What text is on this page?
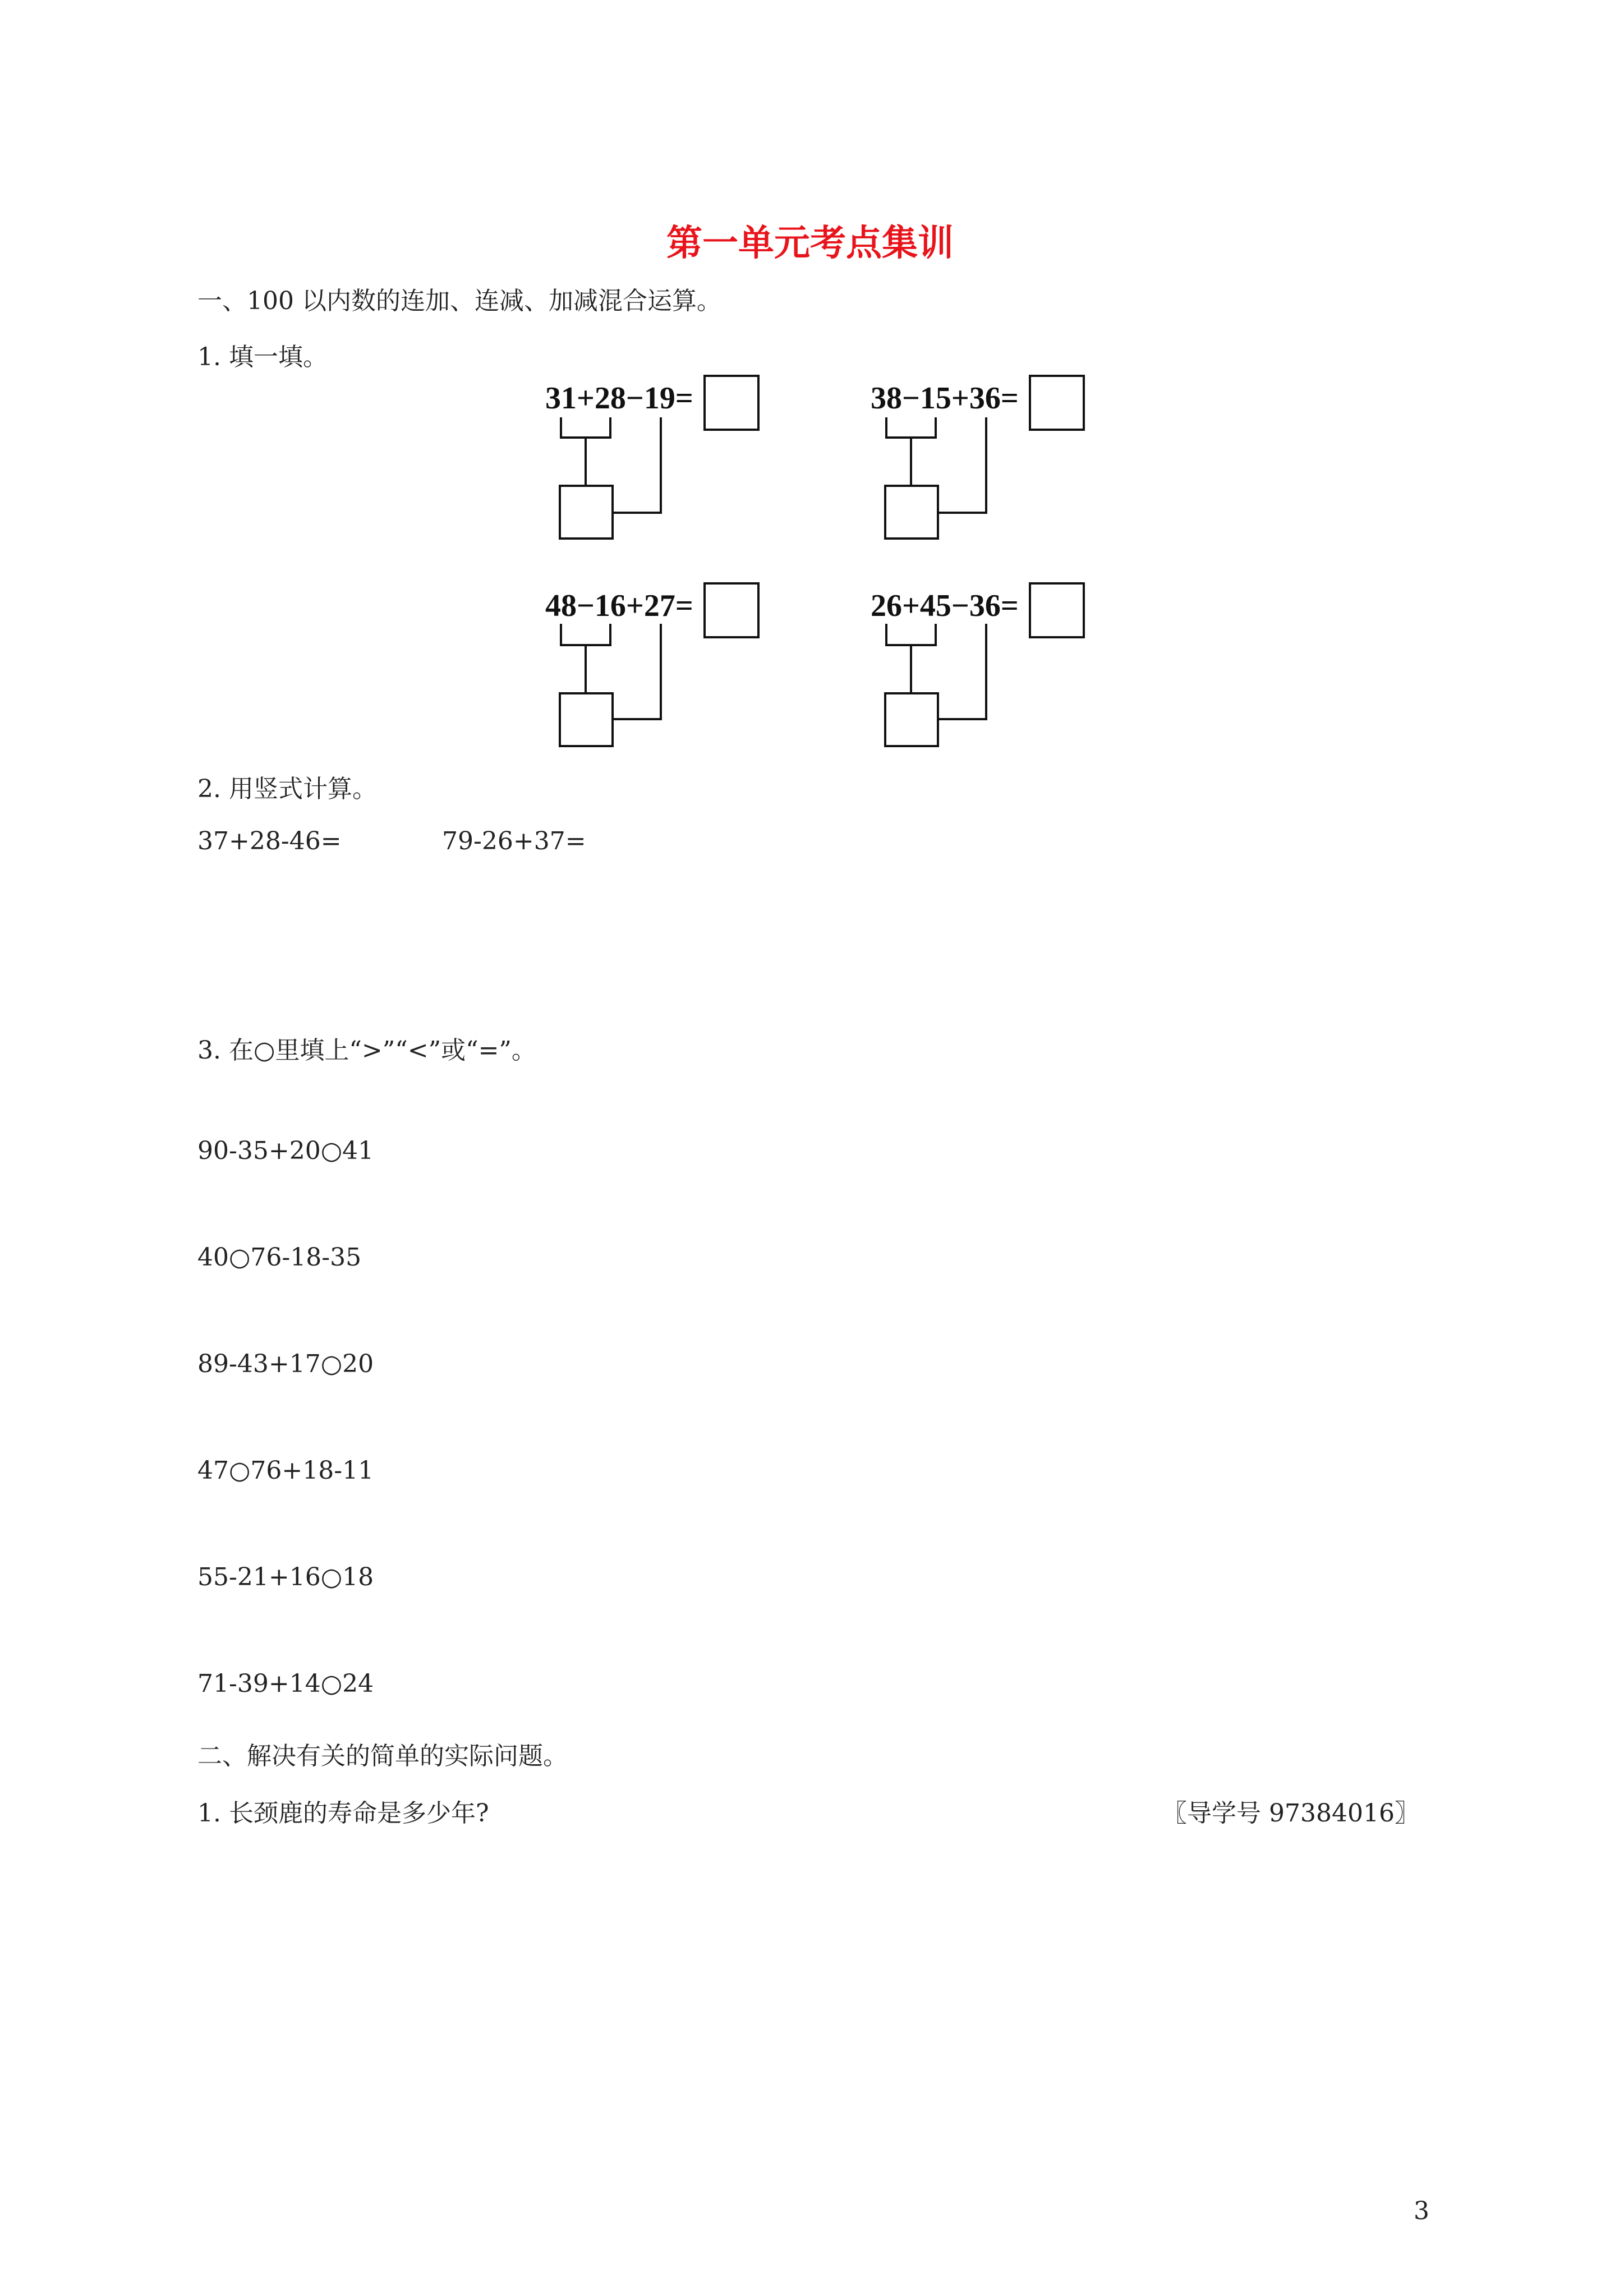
第一单元考点集训
一、100 以内数的连加、连减、加减混合运算。
1. 填一填。
31+28−19=	38−15+36=
48−16+27=	26+45−36=
2. 用竖式计算。
37+28-46=	79-26+37=
3. 在○里填上“>”“<”或“=”。
90-35+20○41
40○76-18-35
89-43+17○20
47○76+18-11
55-21+16○18
71-39+14○24
二、解决有关的简单的实际问题。
1. 长颈鹿的寿命是多少年?	〖导学号 97384016〗
3
